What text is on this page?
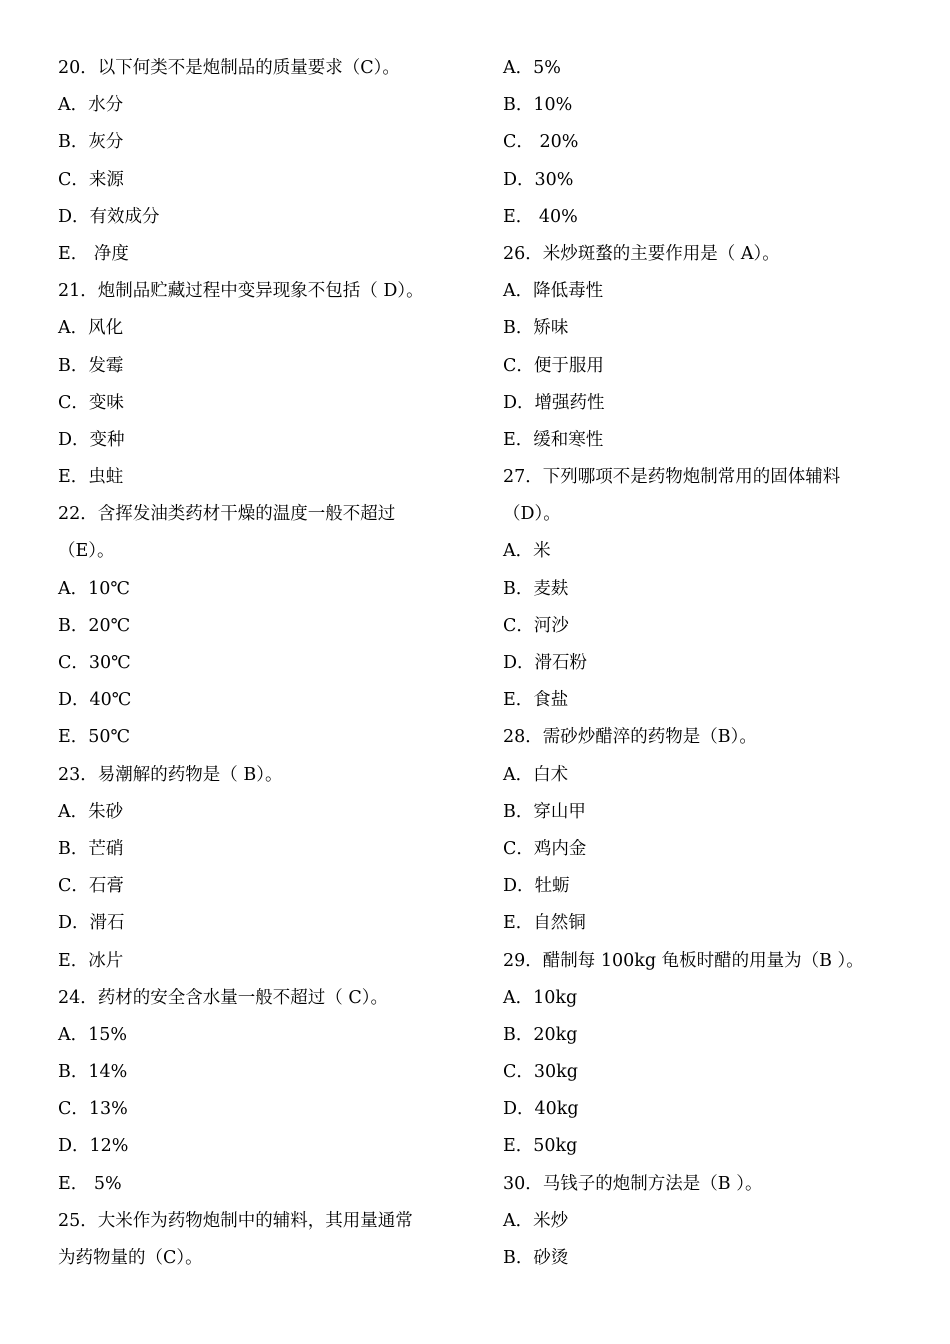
20．以下何类不是炮制品的质量要求（C）。
A．水分
B．灰分
C．来源
D．有效成分
E． 净度
21．炮制品贮藏过程中变异现象不包括（ D）。
A．风化
B．发霉
C．变味
D．变种
E．虫蛀
22．含挥发油类药材干燥的温度一般不超过
（E）。
A．10℃
B．20℃
C．30℃
D．40℃
E．50℃
23．易潮解的药物是（ B）。
A．朱砂
B．芒硝
C．石膏
D．滑石
E．冰片
24．药材的安全含水量一般不超过（ C）。
A．15%
B．14%
C．13%
D．12%
E． 5%
25．大米作为药物炮制中的辅料，其用量通常
为药物量的（C）。
A．5%
B．10%
C． 20%
D．30%
E． 40%
26．米炒斑蝥的主要作用是（ A）。
A．降低毒性
B．矫味
C．便于服用
D．增强药性
E．缓和寒性
27．下列哪项不是药物炮制常用的固体辅料
（D）。
A．米
B．麦麸
C．河沙
D．滑石粉
E．食盐
28．需砂炒醋淬的药物是（B）。
A．白术
B．穿山甲
C．鸡内金
D．牡蛎
E．自然铜
29．醋制每 100kg 龟板时醋的用量为（B ）。
A．10kg
B．20kg
C．30kg
D．40kg
E．50kg
30．马钱子的炮制方法是（B ）。
A．米炒
B．砂烫
